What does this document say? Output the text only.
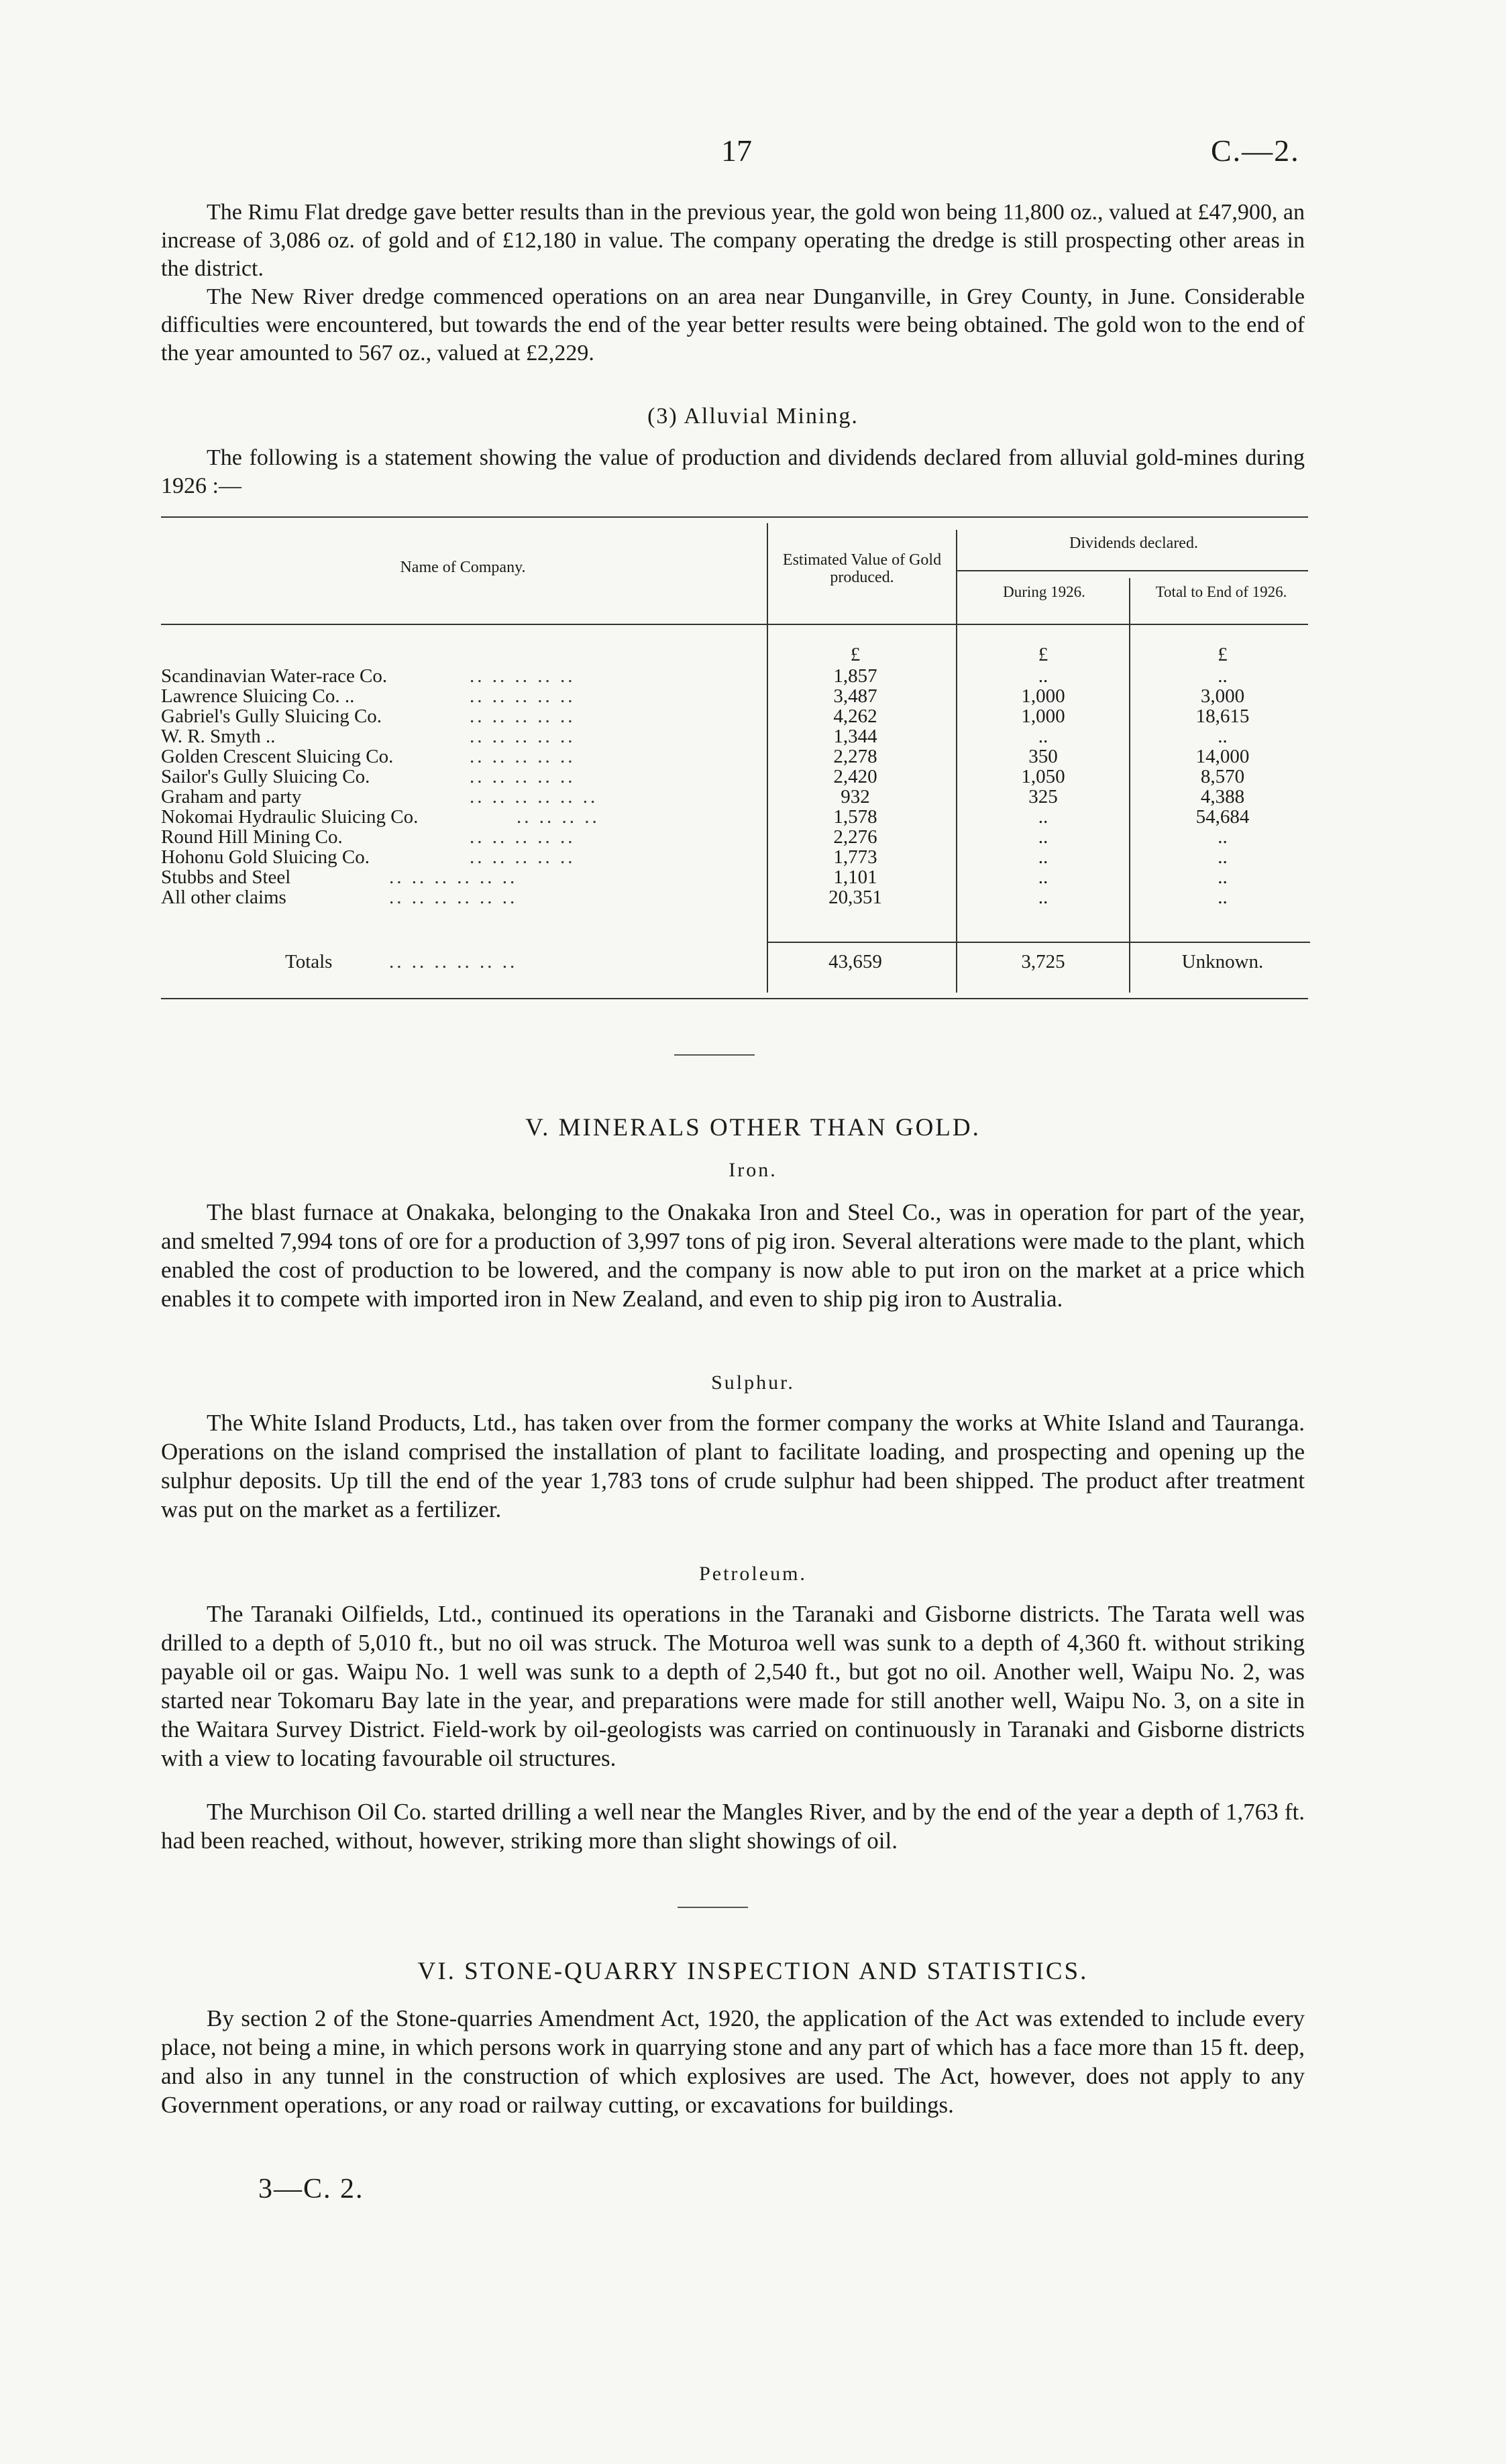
17	C.—2.

The Rimu Flat dredge gave better results than in the previous year, the gold won being 11,800 oz., valued at £47,900, an increase of 3,086 oz. of gold and of £12,180 in value. The company operating the dredge is still prospecting other areas in the district.

The New River dredge commenced operations on an area near Dunganville, in Grey County, in June. Considerable difficulties were encountered, but towards the end of the year better results were being obtained. The gold won to the end of the year amounted to 567 oz., valued at £2,229.

(3) Alluvial Mining.

The following is a statement showing the value of production and dividends declared from alluvial gold-mines during 1926 :—

Name of Company.	Estimated Value of Gold produced.
Dividends declared.
During 1926.	Total to End of 1926.
£	£	£
Scandinavian Water-race Co.	.. .. .. .. ..	1,857	..	..
Lawrence Sluicing Co. ..	.. .. .. .. ..	3,487	1,000	3,000
Gabriel's Gully Sluicing Co.	.. .. .. .. ..	4,262	1,000	18,615
W. R. Smyth ..	.. .. .. .. ..	1,344	..	..
Golden Crescent Sluicing Co.	.. .. .. .. ..	2,278	350	14,000
Sailor's Gully Sluicing Co.	.. .. .. .. ..	2,420	1,050	8,570
Graham and party	.. .. .. .. .. ..	932	325	4,388
Nokomai Hydraulic Sluicing Co.	.. .. .. ..	1,578	..	54,684
Round Hill Mining Co.	.. .. .. .. ..	2,276	..	..
Hohonu Gold Sluicing Co.	.. .. .. .. ..	1,773	..	..
Stubbs and Steel	.. .. .. .. .. ..	1,101	..	..
All other claims	.. .. .. .. .. ..	20,351	..	..
Totals	.. .. .. .. .. ..	43,659	3,725	Unknown.
V. MINERALS OTHER THAN GOLD.
Iron.

The blast furnace at Onakaka, belonging to the Onakaka Iron and Steel Co., was in operation for part of the year, and smelted 7,994 tons of ore for a production of 3,997 tons of pig iron. Several alterations were made to the plant, which enabled the cost of production to be lowered, and the company is now able to put iron on the market at a price which enables it to compete with imported iron in New Zealand, and even to ship pig iron to Australia.

Sulphur.

The White Island Products, Ltd., has taken over from the former company the works at White Island and Tauranga. Operations on the island comprised the installation of plant to facilitate loading, and prospecting and opening up the sulphur deposits. Up till the end of the year 1,783 tons of crude sulphur had been shipped. The product after treatment was put on the market as a fertilizer.

Petroleum.

The Taranaki Oilfields, Ltd., continued its operations in the Taranaki and Gisborne districts. The Tarata well was drilled to a depth of 5,010 ft., but no oil was struck. The Moturoa well was sunk to a depth of 4,360 ft. without striking payable oil or gas. Waipu No. 1 well was sunk to a depth of 2,540 ft., but got no oil. Another well, Waipu No. 2, was started near Tokomaru Bay late in the year, and preparations were made for still another well, Waipu No. 3, on a site in the Waitara Survey District. Field-work by oil-geologists was carried on continuously in Taranaki and Gisborne districts with a view to locating favourable oil structures.

The Murchison Oil Co. started drilling a well near the Mangles River, and by the end of the year a depth of 1,763 ft. had been reached, without, however, striking more than slight showings of oil.

VI. STONE-QUARRY INSPECTION AND STATISTICS.

By section 2 of the Stone-quarries Amendment Act, 1920, the application of the Act was extended to include every place, not being a mine, in which persons work in quarrying stone and any part of which has a face more than 15 ft. deep, and also in any tunnel in the construction of which explosives are used. The Act, however, does not apply to any Government operations, or any road or railway cutting, or excavations for buildings.

3—C. 2.
